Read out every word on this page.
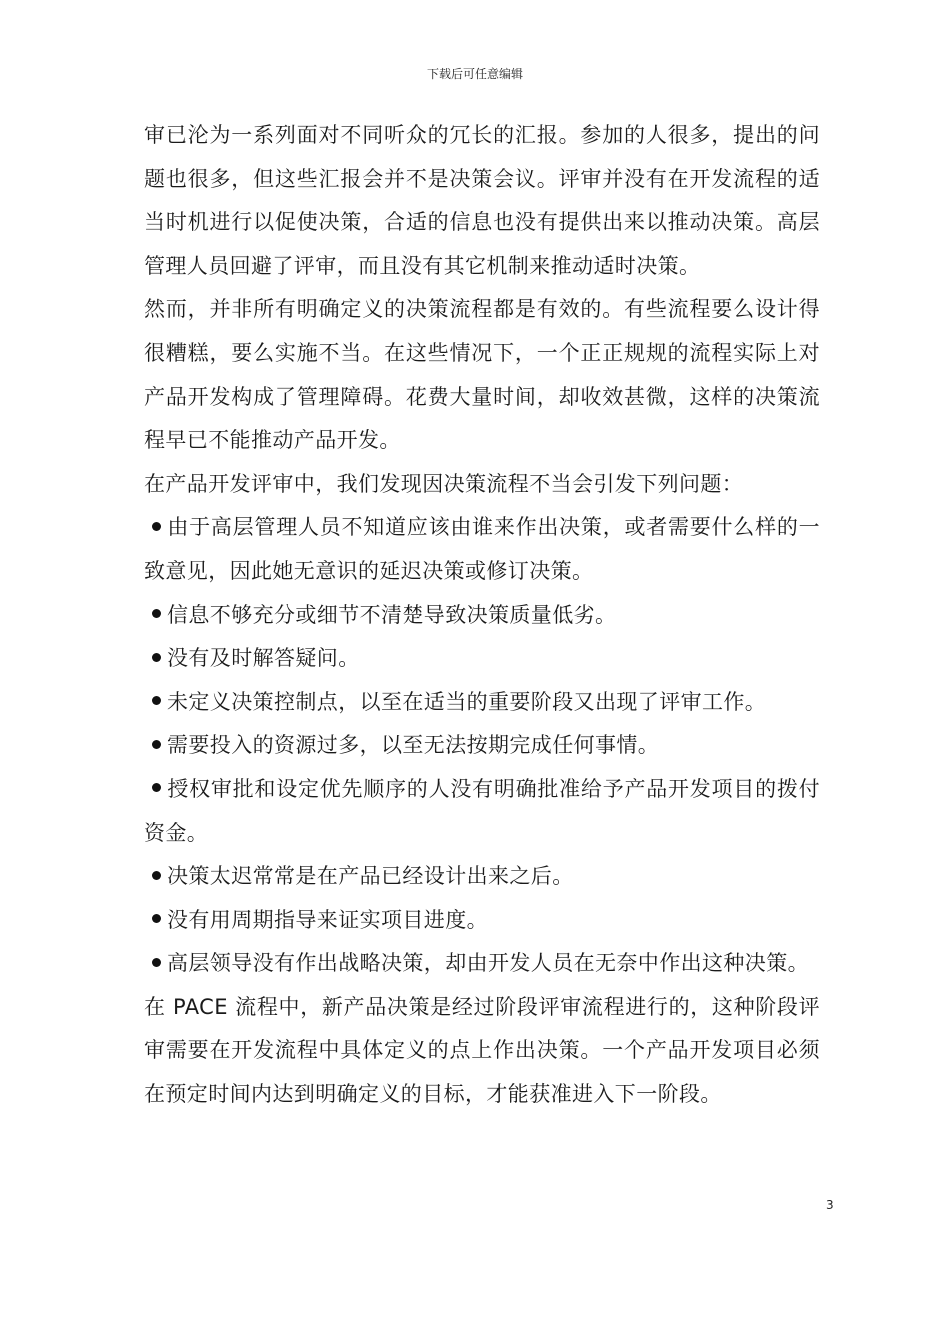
下载后可任意编辑

审已沦为一系列面对不同听众的冗长的汇报。参加的人很多，提出的问题也很多，但这些汇报会并不是决策会议。评审并没有在开发流程的适当时机进行以促使决策，合适的信息也没有提供出来以推动决策。高层管理人员回避了评审，而且没有其它机制来推动适时决策。

然而，并非所有明确定义的决策流程都是有效的。有些流程要么设计得很糟糕，要么实施不当。在这些情况下，一个正正规规的流程实际上对产品开发构成了管理障碍。花费大量时间，却收效甚微，这样的决策流程早已不能推动产品开发。

在产品开发评审中，我们发现因决策流程不当会引发下列问题：

由于高层管理人员不知道应该由谁来作出决策，或者需要什么样的一致意见，因此她无意识的延迟决策或修订决策。

信息不够充分或细节不清楚导致决策质量低劣。

没有及时解答疑问。

未定义决策控制点，以至在适当的重要阶段又出现了评审工作。

需要投入的资源过多，以至无法按期完成任何事情。

授权审批和设定优先顺序的人没有明确批准给予产品开发项目的拨付资金。

决策太迟常常是在产品已经设计出来之后。

没有用周期指导来证实项目进度。

高层领导没有作出战略决策，却由开发人员在无奈中作出这种决策。

在 PACE 流程中，新产品决策是经过阶段评审流程进行的，这种阶段评审需要在开发流程中具体定义的点上作出决策。一个产品开发项目必须在预定时间内达到明确定义的目标，才能获准进入下一阶段。

3
